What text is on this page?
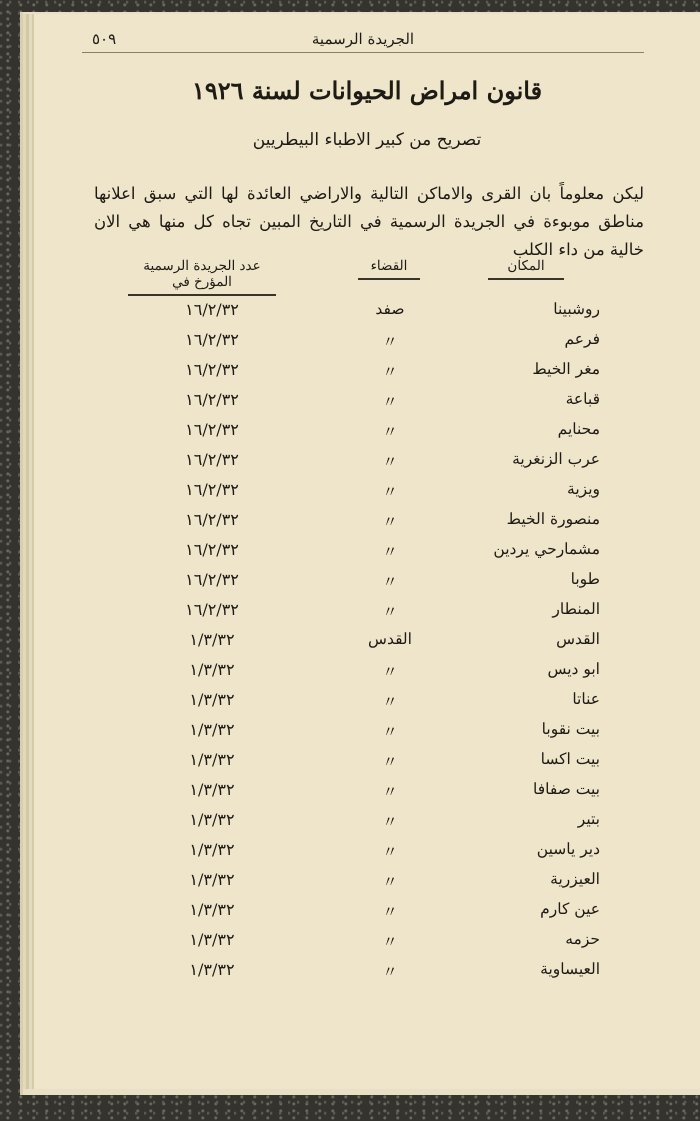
الجريدة الرسمية
٥٠٩
قانون امراض الحيوانات لسنة ١٩٢٦
تصريح من كبير الاطباء البيطريين
ليكن معلوماً بان القرى والاماكن التالية والاراضي العائدة لها التي سبق اعلانها مناطق موبوءة في الجريدة الرسمية في التاريخ المبين تجاه كل منها هي الان خالية من داء الكلب
المكان
القضاء
عدد الجريدة الرسمية المؤرخ في
روشبينا
صفد
١٦/٢/٣٢
فرعم
〃
١٦/٢/٣٢
مغر الخيط
〃
١٦/٢/٣٢
قباعة
〃
١٦/٢/٣٢
محنايم
〃
١٦/٢/٣٢
عرب الزنغرية
〃
١٦/٢/٣٢
ويزية
〃
١٦/٢/٣٢
منصورة الخيط
〃
١٦/٢/٣٢
مشمارحي يردين
〃
١٦/٢/٣٢
طوبا
〃
١٦/٢/٣٢
المنطار
〃
١٦/٢/٣٢
القدس
القدس
١/٣/٣٢
ابو ديس
〃
١/٣/٣٢
عناتا
〃
١/٣/٣٢
بيت نقوبا
〃
١/٣/٣٢
بيت اكسا
〃
١/٣/٣٢
بيت صفافا
〃
١/٣/٣٢
بتير
〃
١/٣/٣٢
دير ياسين
〃
١/٣/٣٢
العيزرية
〃
١/٣/٣٢
عين كارم
〃
١/٣/٣٢
حزمه
〃
١/٣/٣٢
العيساوية
〃
١/٣/٣٢
